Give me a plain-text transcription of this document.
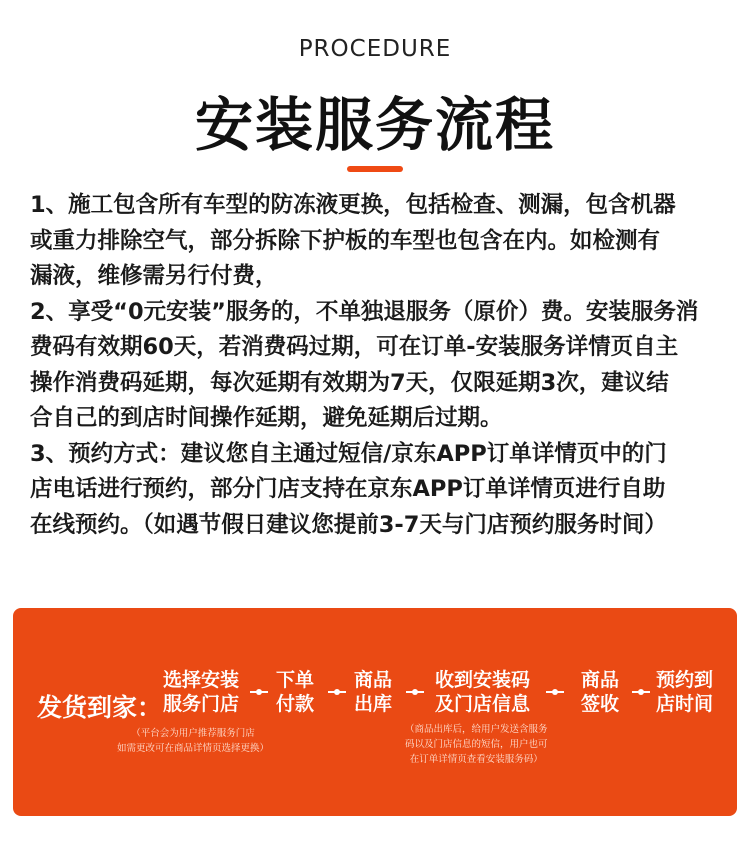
PROCEDURE
安装服务流程

1、施工包含所有车型的防冻液更换，包括检查、测漏，包含机器

或重力排除空气，部分拆除下护板的车型也包含在内。如检测有

漏液，维修需另行付费，

2、享受“0元安装”服务的，不单独退服务（原价）费。安装服务消

费码有效期60天，若消费码过期，可在订单-安装服务详情页自主

操作消费码延期，每次延期有效期为7天，仅限延期3次，建议结

合自己的到店时间操作延期，避免延期后过期。

3、预约方式：建议您自主通过短信/京东APP订单详情页中的门

店电话进行预约，部分门店支持在京东APP订单详情页进行自助

在线预约。（如遇节假日建议您提前3-7天与门店预约服务时间）

发货到家：
选择安装
服务门店
下单
付款
商品
出库
收到安装码
及门店信息
商品
签收
预约到
店时间
（平台会为用户推荐服务门店
如需更改可在商品详情页选择更换）
（商品出库后，给用户发送含服务
码以及门店信息的短信，用户也可
在订单详情页查看安装服务码）
